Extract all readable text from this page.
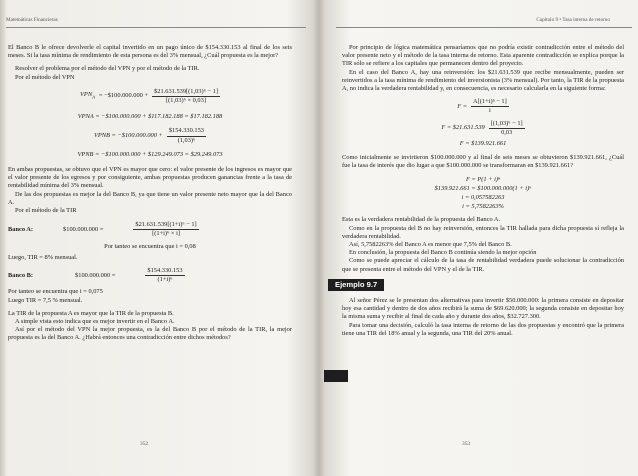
Matemáticas Financieras

El Banco B le ofrece devolverle el capital invertido en un pago único de $154.330.153 al final de los seis meses. Si la tasa mínima de rendimiento de esta persona es del 3% mensual, ¿Cuál propuesta es la mejor?

Resolver el problema por el método del VPN y por el método de la TIR.

Por el método del VPN

$VPN_A$ = −$100.000.000 + $\frac{\text{\$21.631.539[(1,03)⁶ − 1]}}{\text{[(1,03)⁶ × 0,03]}}$
VPNA = −$100.000.000 + $117.182.188 = $17.182.188
VPNB = −$100.000.000 + $\frac{\$154.330.153}{\text{(1,03)⁶}}$
VPNB = −$100.000.000 + $129.249.073 = $29.249.073

En ambas propuestas, se obtuvo que el VPN es mayor que cero: el valor presente de los ingresos es mayor que el valor presente de los egresos y por consiguiente, ambas propuestas producen ganancias frente a la tasa de rentabilidad mínima del 3% mensual.

De las dos propuestas es mejor la del Banco B, ya que tiene un valor presente neto mayor que la del Banco A.

Por el método de la TIR

Banco A:	$100.000.000 =	$\frac{\text{\$21.631.539[(1+i)⁶ − 1]}}{\text{[(1+i)⁶ × i]}}$

Por tanteo se encuentra que i = 0,08

Luego, TIR = 8% mensual.

Banco B:	$100.000.000 =	$\frac{\$154.330.153}{\text{(1+i)⁶}}$

Por tanteo se encuentra que i = 0,075

Luego TIR = 7,5 % mensual.

La TIR de la propuesta A es mayor que la TIR de la propuesta B.

A simple vista esto indica que es mejor invertir en el Banco A.

Así por el método del VPN la mejor propuesta, es la del Banco B por el método de la TIR, la mejor propuesta es la del Banco A. ¿Habrá entonces una contradicción entre dichos métodos?

352
Capítulo 9 • Tasa interna de retorno

Por principio de lógica matemática pensaríamos que no podría existir contradicción entre el método del valor presente neto y el método de la tasa interna de retorno. Esta aparente contradicción se explica porque la TIR sólo se refiere a los capitales que permanecen dentro del proyecto.

En el caso del Banco A, hay una reinversión: los $21.631.539 que recibe mensualmente, pueden ser reinvertidos a la tasa mínima de rendimiento del inversionista (3% mensual). Por tanto, la TIR de la propuesta A, no indica la verdadera rentabilidad y, en consecuencia, es necesario calcularla en la siguiente forma:

$F = \frac{\text{A[(1+i)ⁿ − 1]}}{i}$
F = $21.631.539 $\frac{\text{[(1,03)⁶ − 1]}}{0,03}$
F = $139.921.661

Como inicialmente se invirtieron $100.000.000 y al final de seis meses se obtuvieron $139.921.661, ¿Cuál fue la tasa de interés que dio lugar a que $100.000.000 se transformaran en $139.921.661?

F = P(1 + i)ⁿ
$139.921.661 = $100.000.000(1 + i)⁶
i = 0,057582263
i = 5,7582263%

Esta es la verdadera rentabilidad de la propuesta del Banco A.

Como en la propuesta del B no hay reinversión, entonces la TIR hallada para dicha propuesta sí refleja la verdadera rentabilidad.

Así, 5,7582263% del Banco A es menor que 7,5% del Banco B.

En conclusión, la propuesta del Banco B continúa siendo la mejor opción

Como se puede apreciar el cálculo de la tasa de rentabilidad verdadera puede solucionar la contradicción que se presenta entre el método del VPN y el de la TIR.

Ejemplo 9.7

Al señor Pérez se le presentan dos alternativas para invertir $50.000.000: la primera consiste en depositar hoy esa cantidad y dentro de dos años recibirá la suma de $69.620.000; la segunda consiste en depositar hoy la misma suma y recibir al final de cada año y durante dos años, $32.727.300.

Para tomar una decisión, calculó la tasa interna de retorno de las dos propuestas y encontró que la primera tiene una TIR del 18% anual y la segunda, una TIR del 20% anual.

353
